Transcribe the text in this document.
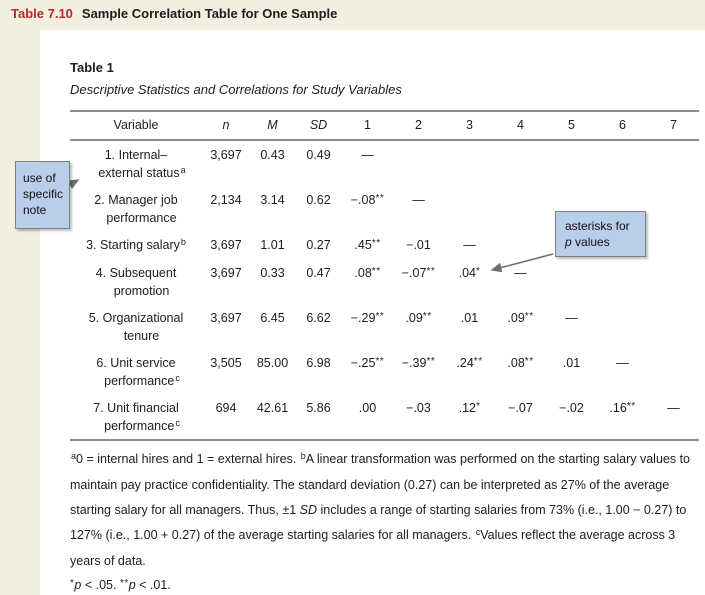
Table 7.10 Sample Correlation Table for One Sample
Table 1
Descriptive Statistics and Correlations for Study Variables
Variable	n	M	SD	1	2	3	4	5	6	7

1. Internal–
external status$^a$	3,697	0.43	0.49	—						

2. Manager job
performance	2,134	3.14	0.62	−.08**	—					

3. Starting salary$^b$	3,697	1.01	0.27	.45**	−.01	—				

4. Subsequent
promotion	3,697	0.33	0.47	.08**	−.07**	.04*	—			

5. Organizational
tenure	3,697	6.45	6.62	−.29**	.09**	.01	.09**	—		

6. Unit service
performance$^c$	3,505	85.00	6.98	−.25**	−.39**	.24**	.08**	.01	—	

7. Unit financial
performance$^c$	694	42.61	5.86	.00	−.03	.12*	−.07	−.02	.16**	—
$^a$0 = internal hires and 1 = external hires. $^b$A linear transformation was performed on the starting salary values to maintain pay practice confidentiality. The standard deviation (0.27) can be interpreted as 27% of the average starting salary for all managers. Thus, ±1 SD includes a range of starting salaries from 73% (i.e., 1.00 − 0.27) to 127% (i.e., 1.00 + 0.27) of the average starting salaries for all managers. $^c$Values reflect the average across 3 years of data.
*p < .05. **p < .01.
use of specific note
asterisks for
p values
